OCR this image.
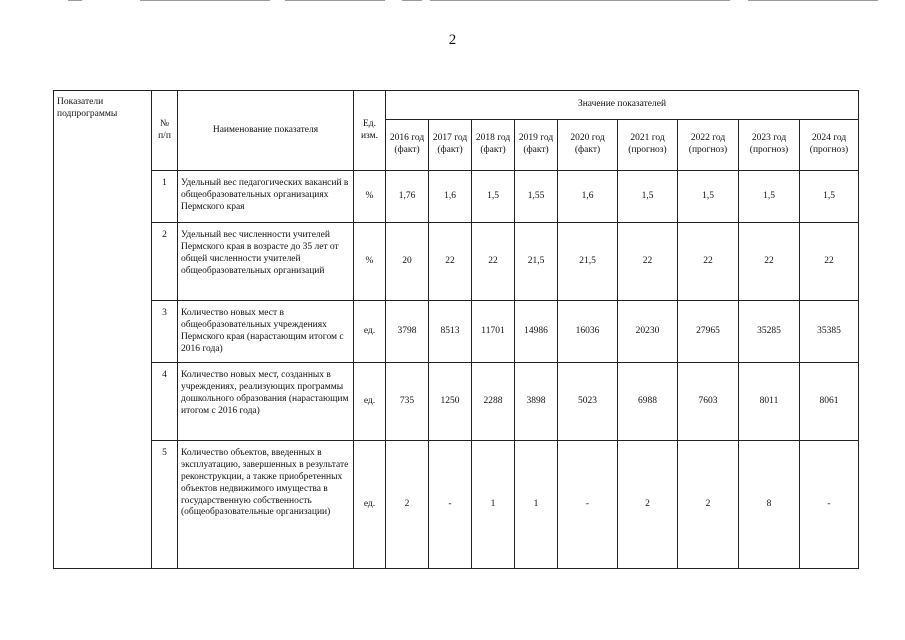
2
Показатели подпрограммы	№ п/п	Наименование показателя	Ед. изм.	Значение показателей								
				2016 год (факт)	2017 год (факт)	2018 год (факт)	2019 год (факт)	2020 год (факт)	2021 год (прогноз)	2022 год (прогноз)	2023 год (прогноз)	2024 год (прогноз)
	1	Удельный вес педагогических вакансий в общеобразовательных организациях Пермского края	%	1,76	1,6	1,5	1,55	1,6	1,5	1,5	1,5	1,5
	2	Удельный вес численности учителей Пермского края в возрасте до 35 лет от общей численности учителей общеобразовательных организаций	%	20	22	22	21,5	21,5	22	22	22	22
	3	Количество новых мест в общеобразовательных учреждениях Пермского края (нарастающим итогом с 2016 года)	ед.	3798	8513	11701	14986	16036	20230	27965	35285	35385
	4	Количество новых мест, созданных в учреждениях, реализующих программы дошкольного образования (нарастающим итогом с 2016 года)	ед.	735	1250	2288	3898	5023	6988	7603	8011	8061
	5	Количество объектов, введенных в эксплуатацию, завершенных в результате реконструкции, а также приобретенных объектов недвижимого имущества в государственную собственность (общеобразовательные организации)	ед.	2	-	1	1	-	2	2	8	-
